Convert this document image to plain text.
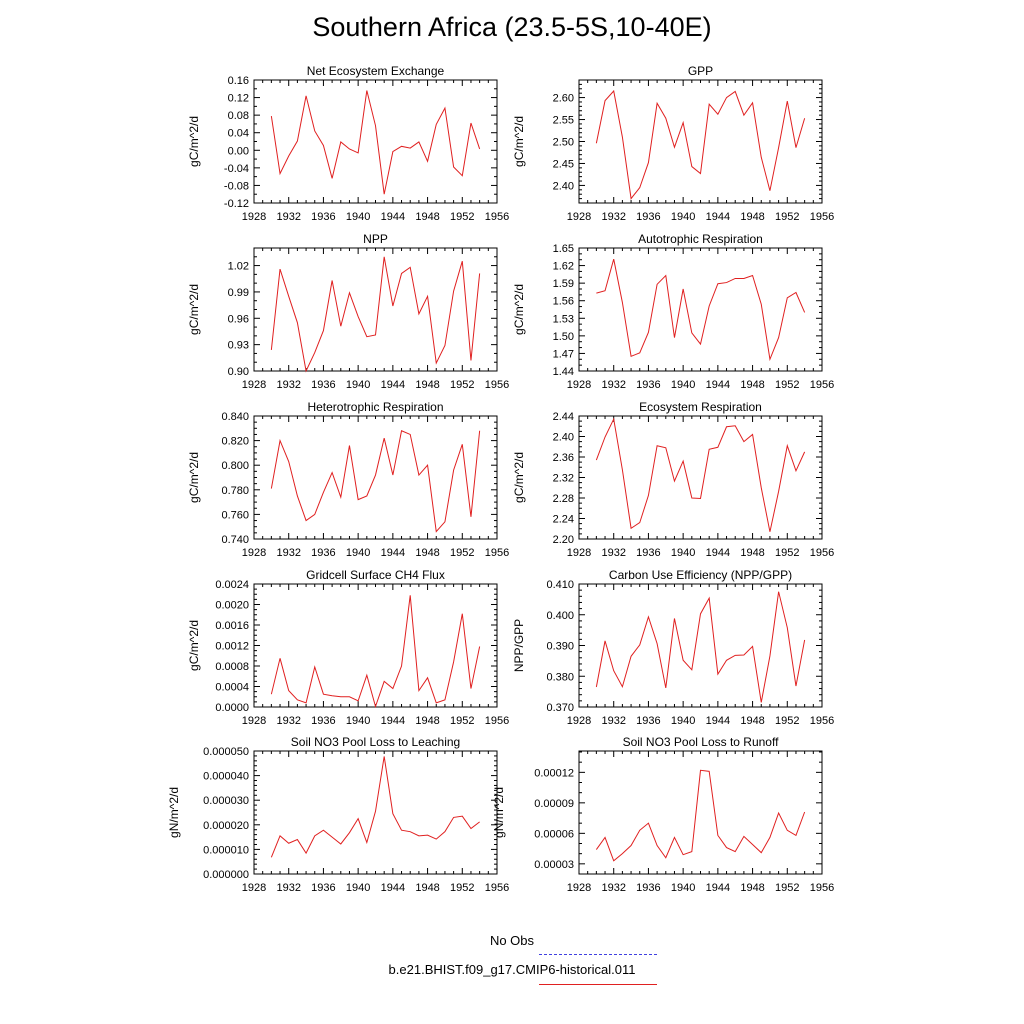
Southern Africa (23.5-5S,10-40E)
Net Ecosystem Exchange
gC/m^2/d
1928 1932 1936 1940 1944 1948 1952 1956
-0.12
-0.08
-0.04
0.00
0.04
0.08
0.12
0.16
GPP
gC/m^2/d
1928 1932 1936 1940 1944 1948 1952 1956
2.40
2.45
2.50
2.55
2.60
NPP
gC/m^2/d
1928 1932 1936 1940 1944 1948 1952 1956
0.90
0.93
0.96
0.99
1.02
Autotrophic Respiration
gC/m^2/d
1928 1932 1936 1940 1944 1948 1952 1956
1.44
1.47
1.50
1.53
1.56
1.59
1.62
1.65
Heterotrophic Respiration
gC/m^2/d
1928 1932 1936 1940 1944 1948 1952 1956
0.740
0.760
0.780
0.800
0.820
0.840
Ecosystem Respiration
gC/m^2/d
1928 1932 1936 1940 1944 1948 1952 1956
2.20
2.24
2.28
2.32
2.36
2.40
2.44
Gridcell Surface CH4 Flux
gC/m^2/d
1928 1932 1936 1940 1944 1948 1952 1956
0.0000
0.0004
0.0008
0.0012
0.0016
0.0020
0.0024
Carbon Use Efficiency (NPP/GPP)
NPP/GPP
1928 1932 1936 1940 1944 1948 1952 1956
0.370
0.380
0.390
0.400
0.410
Soil NO3 Pool Loss to Leaching
gN/m^2/d
1928 1932 1936 1940 1944 1948 1952 1956
0.000000
0.000010
0.000020
0.000030
0.000040
0.000050
Soil NO3 Pool Loss to Runoff
gN/m^2/d
1928 1932 1936 1940 1944 1948 1952 1956
0.00003
0.00006
0.00009
0.00012
No Obs
b.e21.BHIST.f09_g17.CMIP6-historical.011
